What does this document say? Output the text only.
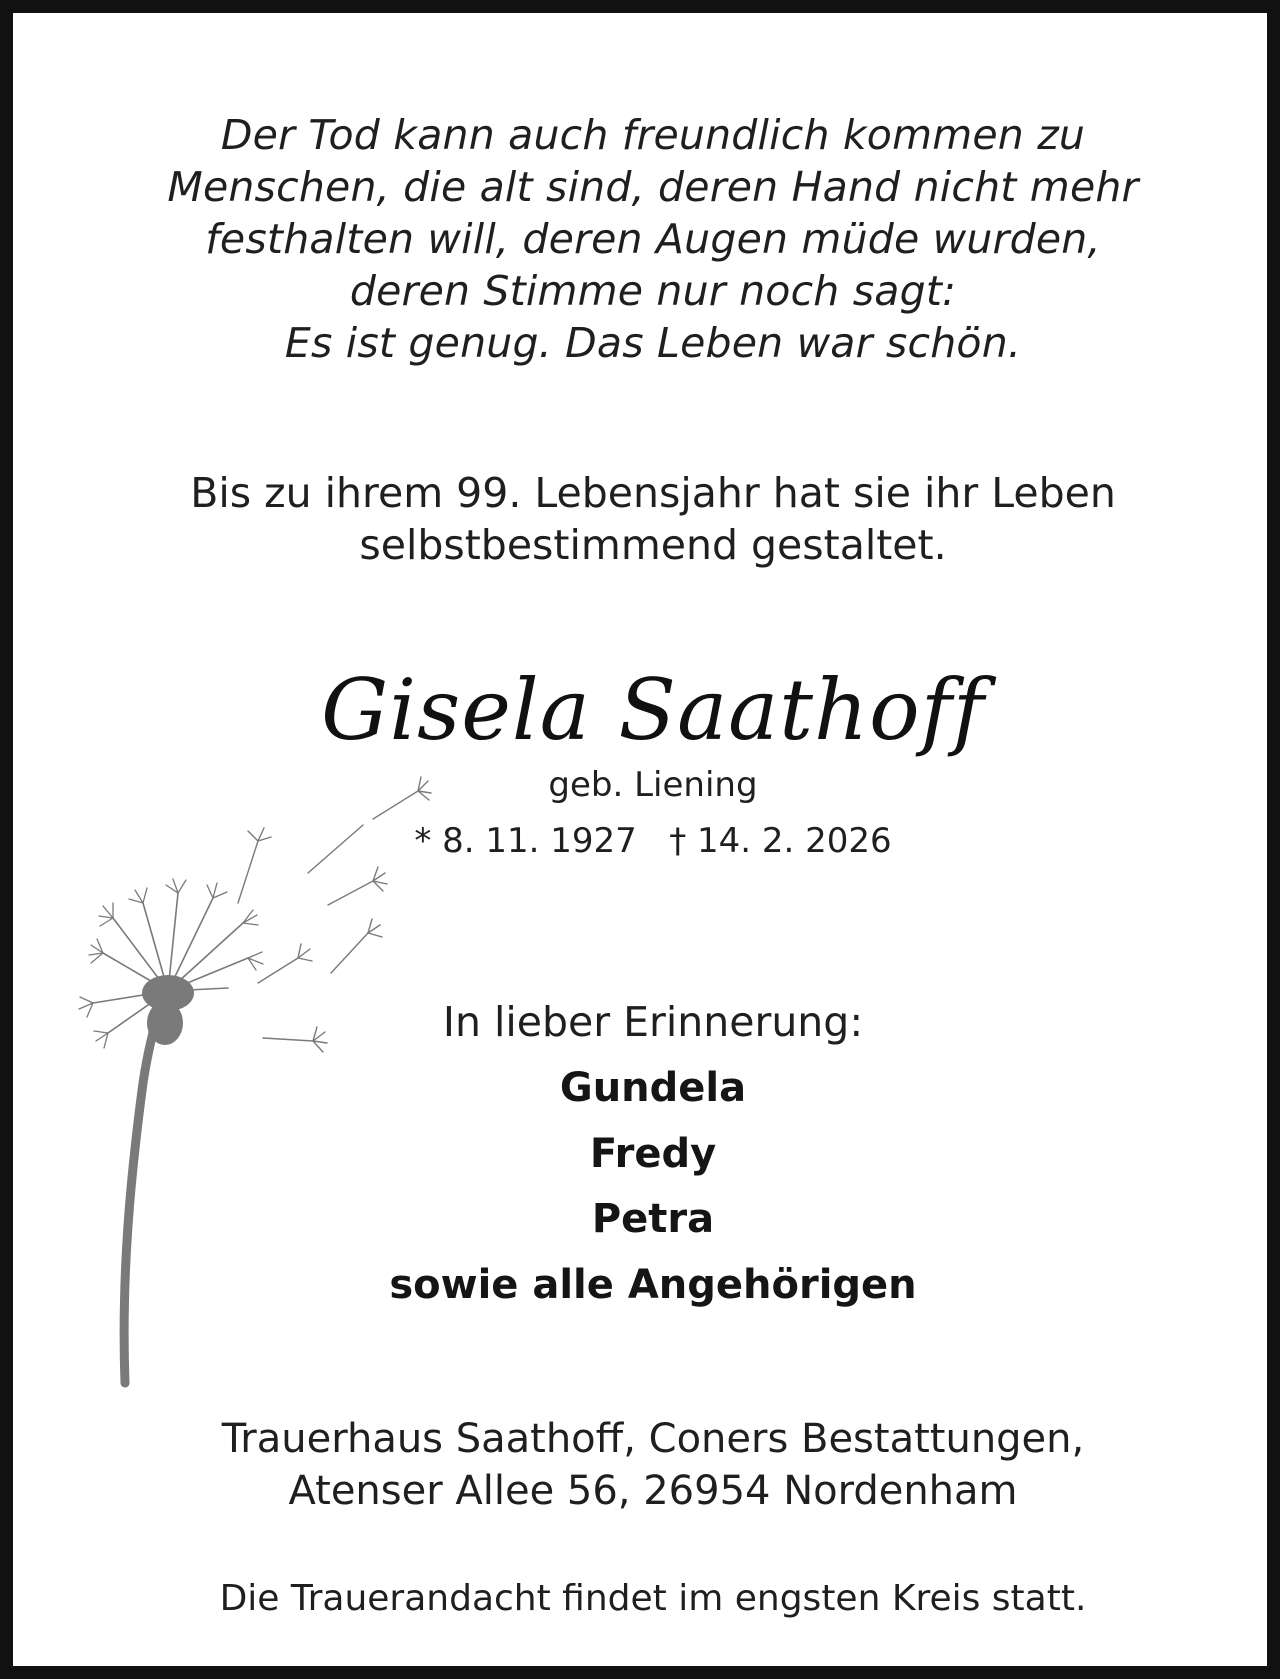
Der Tod kann auch freundlich kommen zu
Menschen, die alt sind, deren Hand nicht mehr
festhalten will, deren Augen müde wurden,
deren Stimme nur noch sagt:
Es ist genug. Das Leben war schön.
Bis zu ihrem 99. Lebensjahr hat sie ihr Leben
selbstbestimmend gestaltet.
Gisela Saathoff
geb. Liening
* 8. 11. 1927   † 14. 2. 2026
In lieber Erinnerung:
Gundela
Fredy
Petra
sowie alle Angehörigen
Trauerhaus Saathoff, Coners Bestattungen,
Atenser Allee 56, 26954 Nordenham
Die Trauerandacht findet im engsten Kreis statt.
